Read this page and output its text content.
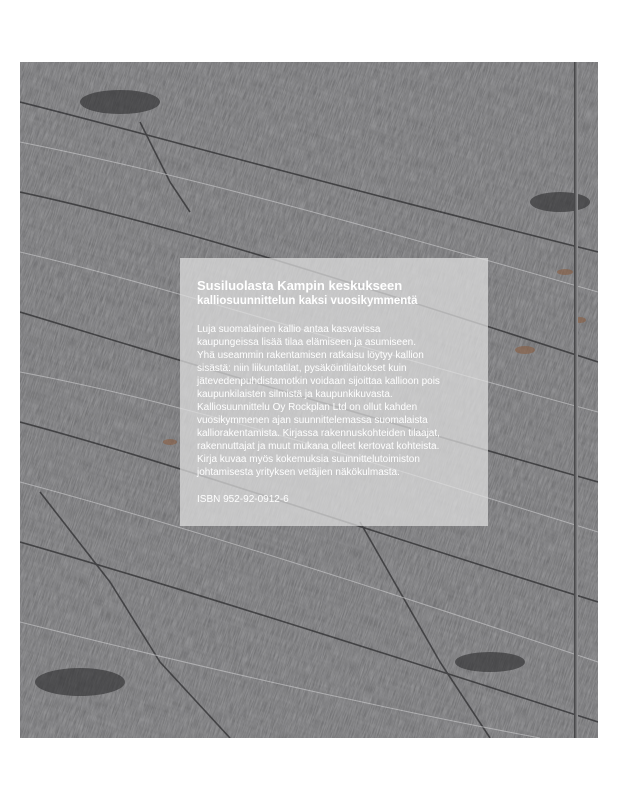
Susiluolasta Kampin keskukseen
kalliosuunnittelun kaksi vuosikymmentä
Luja suomalainen kallio antaa kasvavissa
kaupungeissa lisää tilaa elämiseen ja asumiseen.
Yhä useammin rakentamisen ratkaisu löytyy kallion
sisästä: niin liikuntatilat, pysäköintilaitokset kuin
jätevedenpuhdistamotkin voidaan sijoittaa kallioon pois
kaupunkilaisten silmistä ja kaupunkikuvasta.
Kalliosuunnittelu Oy Rockplan Ltd on ollut kahden
vuosikymmenen ajan suunnittelemassa suomalaista
kalliorakentamista. Kirjassa rakennuskohteiden tilaajat,
rakennuttajat ja muut mukana olleet kertovat kohteista.
Kirja kuvaa myös kokemuksia suunnittelutoimiston
johtamisesta yrityksen vetäjien näkökulmasta.
ISBN 952-92-0912-6
